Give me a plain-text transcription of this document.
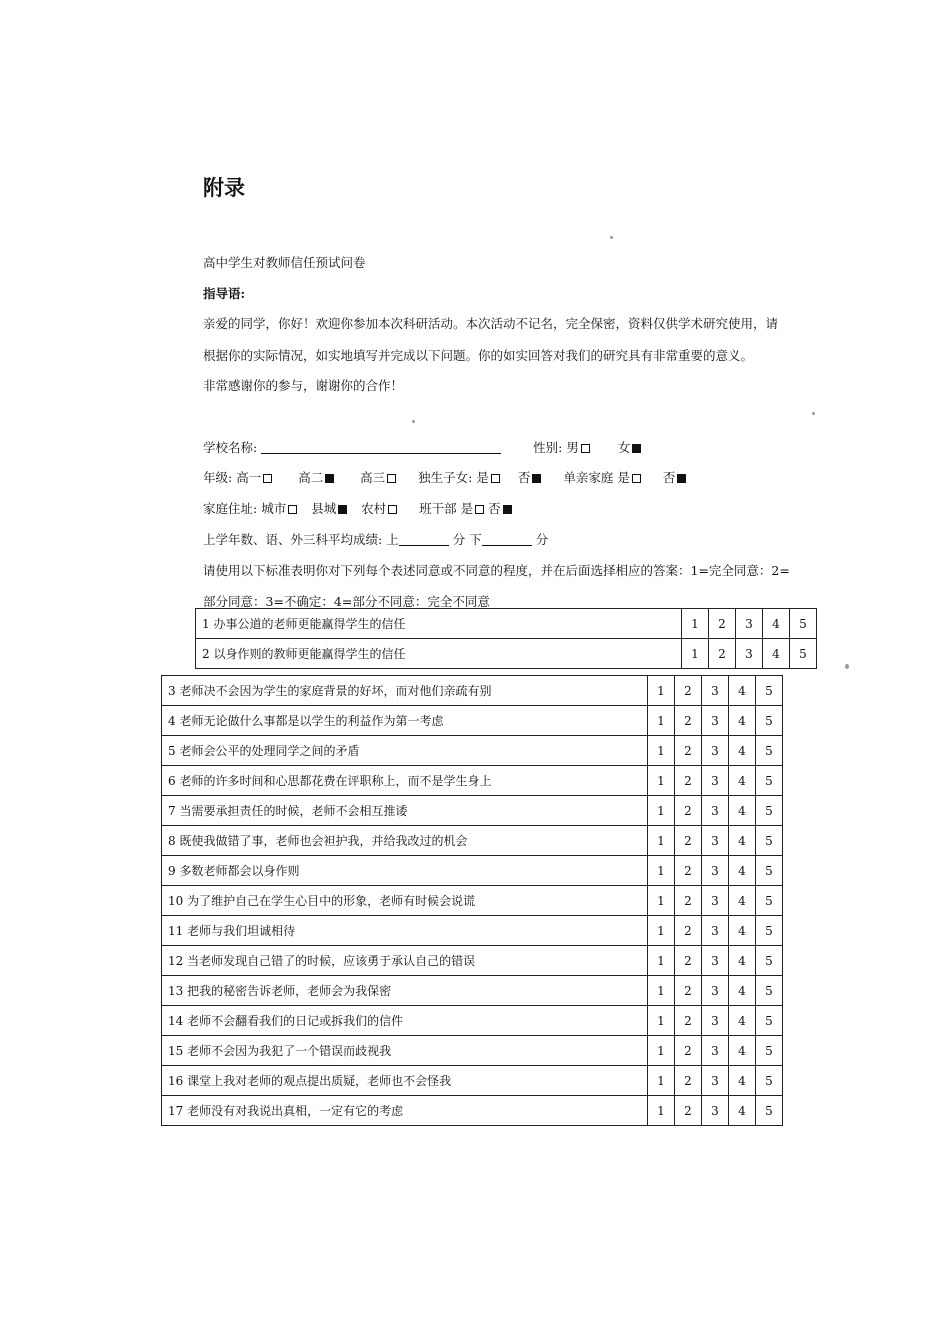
附录
高中学生对教师信任预试问卷
指导语:
亲爱的同学，你好！欢迎你参加本次科研活动。本次活动不记名，完全保密，资料仅供学术研究使用，请
根据你的实际情况，如实地填写并完成以下问题。你的如实回答对我们的研究具有非常重要的意义。
非常感谢你的参与，谢谢你的合作！
学校名称:	性别: 男	女
年级: 高一	高二	高三	独生子女: 是 否	单亲家庭 是	否
家庭住址: 城市 县城 农村	班干部 是 否
上学年数、语、外三科平均成绩: 上	分 下	分
请使用以下标准表明你对下列每个表述同意或不同意的程度，并在后面选择相应的答案：1=完全同意：2=
部分同意：3=不确定：4=部分不同意：完全不同意
1 办事公道的老师更能赢得学生的信任	1	2	3	4	5
2 以身作则的教师更能赢得学生的信任	1	2	3	4	5
3 老师决不会因为学生的家庭背景的好坏，而对他们亲疏有别	1	2	3	4	5
4 老师无论做什么事都是以学生的利益作为第一考虑	1	2	3	4	5
5 老师会公平的处理同学之间的矛盾	1	2	3	4	5
6 老师的许多时间和心思都花费在评职称上，而不是学生身上	1	2	3	4	5
7 当需要承担责任的时候，老师不会相互推诿	1	2	3	4	5
8 既使我做错了事，老师也会袒护我，并给我改过的机会	1	2	3	4	5
9 多数老师都会以身作则	1	2	3	4	5
10 为了维护自己在学生心目中的形象，老师有时候会说谎	1	2	3	4	5
11 老师与我们坦诚相待	1	2	3	4	5
12 当老师发现自己错了的时候，应该勇于承认自己的错误	1	2	3	4	5
13 把我的秘密告诉老师，老师会为我保密	1	2	3	4	5
14 老师不会翻看我们的日记或拆我们的信件	1	2	3	4	5
15 老师不会因为我犯了一个错误而歧视我	1	2	3	4	5
16 课堂上我对老师的观点提出质疑，老师也不会怪我	1	2	3	4	5
17 老师没有对我说出真相，一定有它的考虑	1	2	3	4	5
